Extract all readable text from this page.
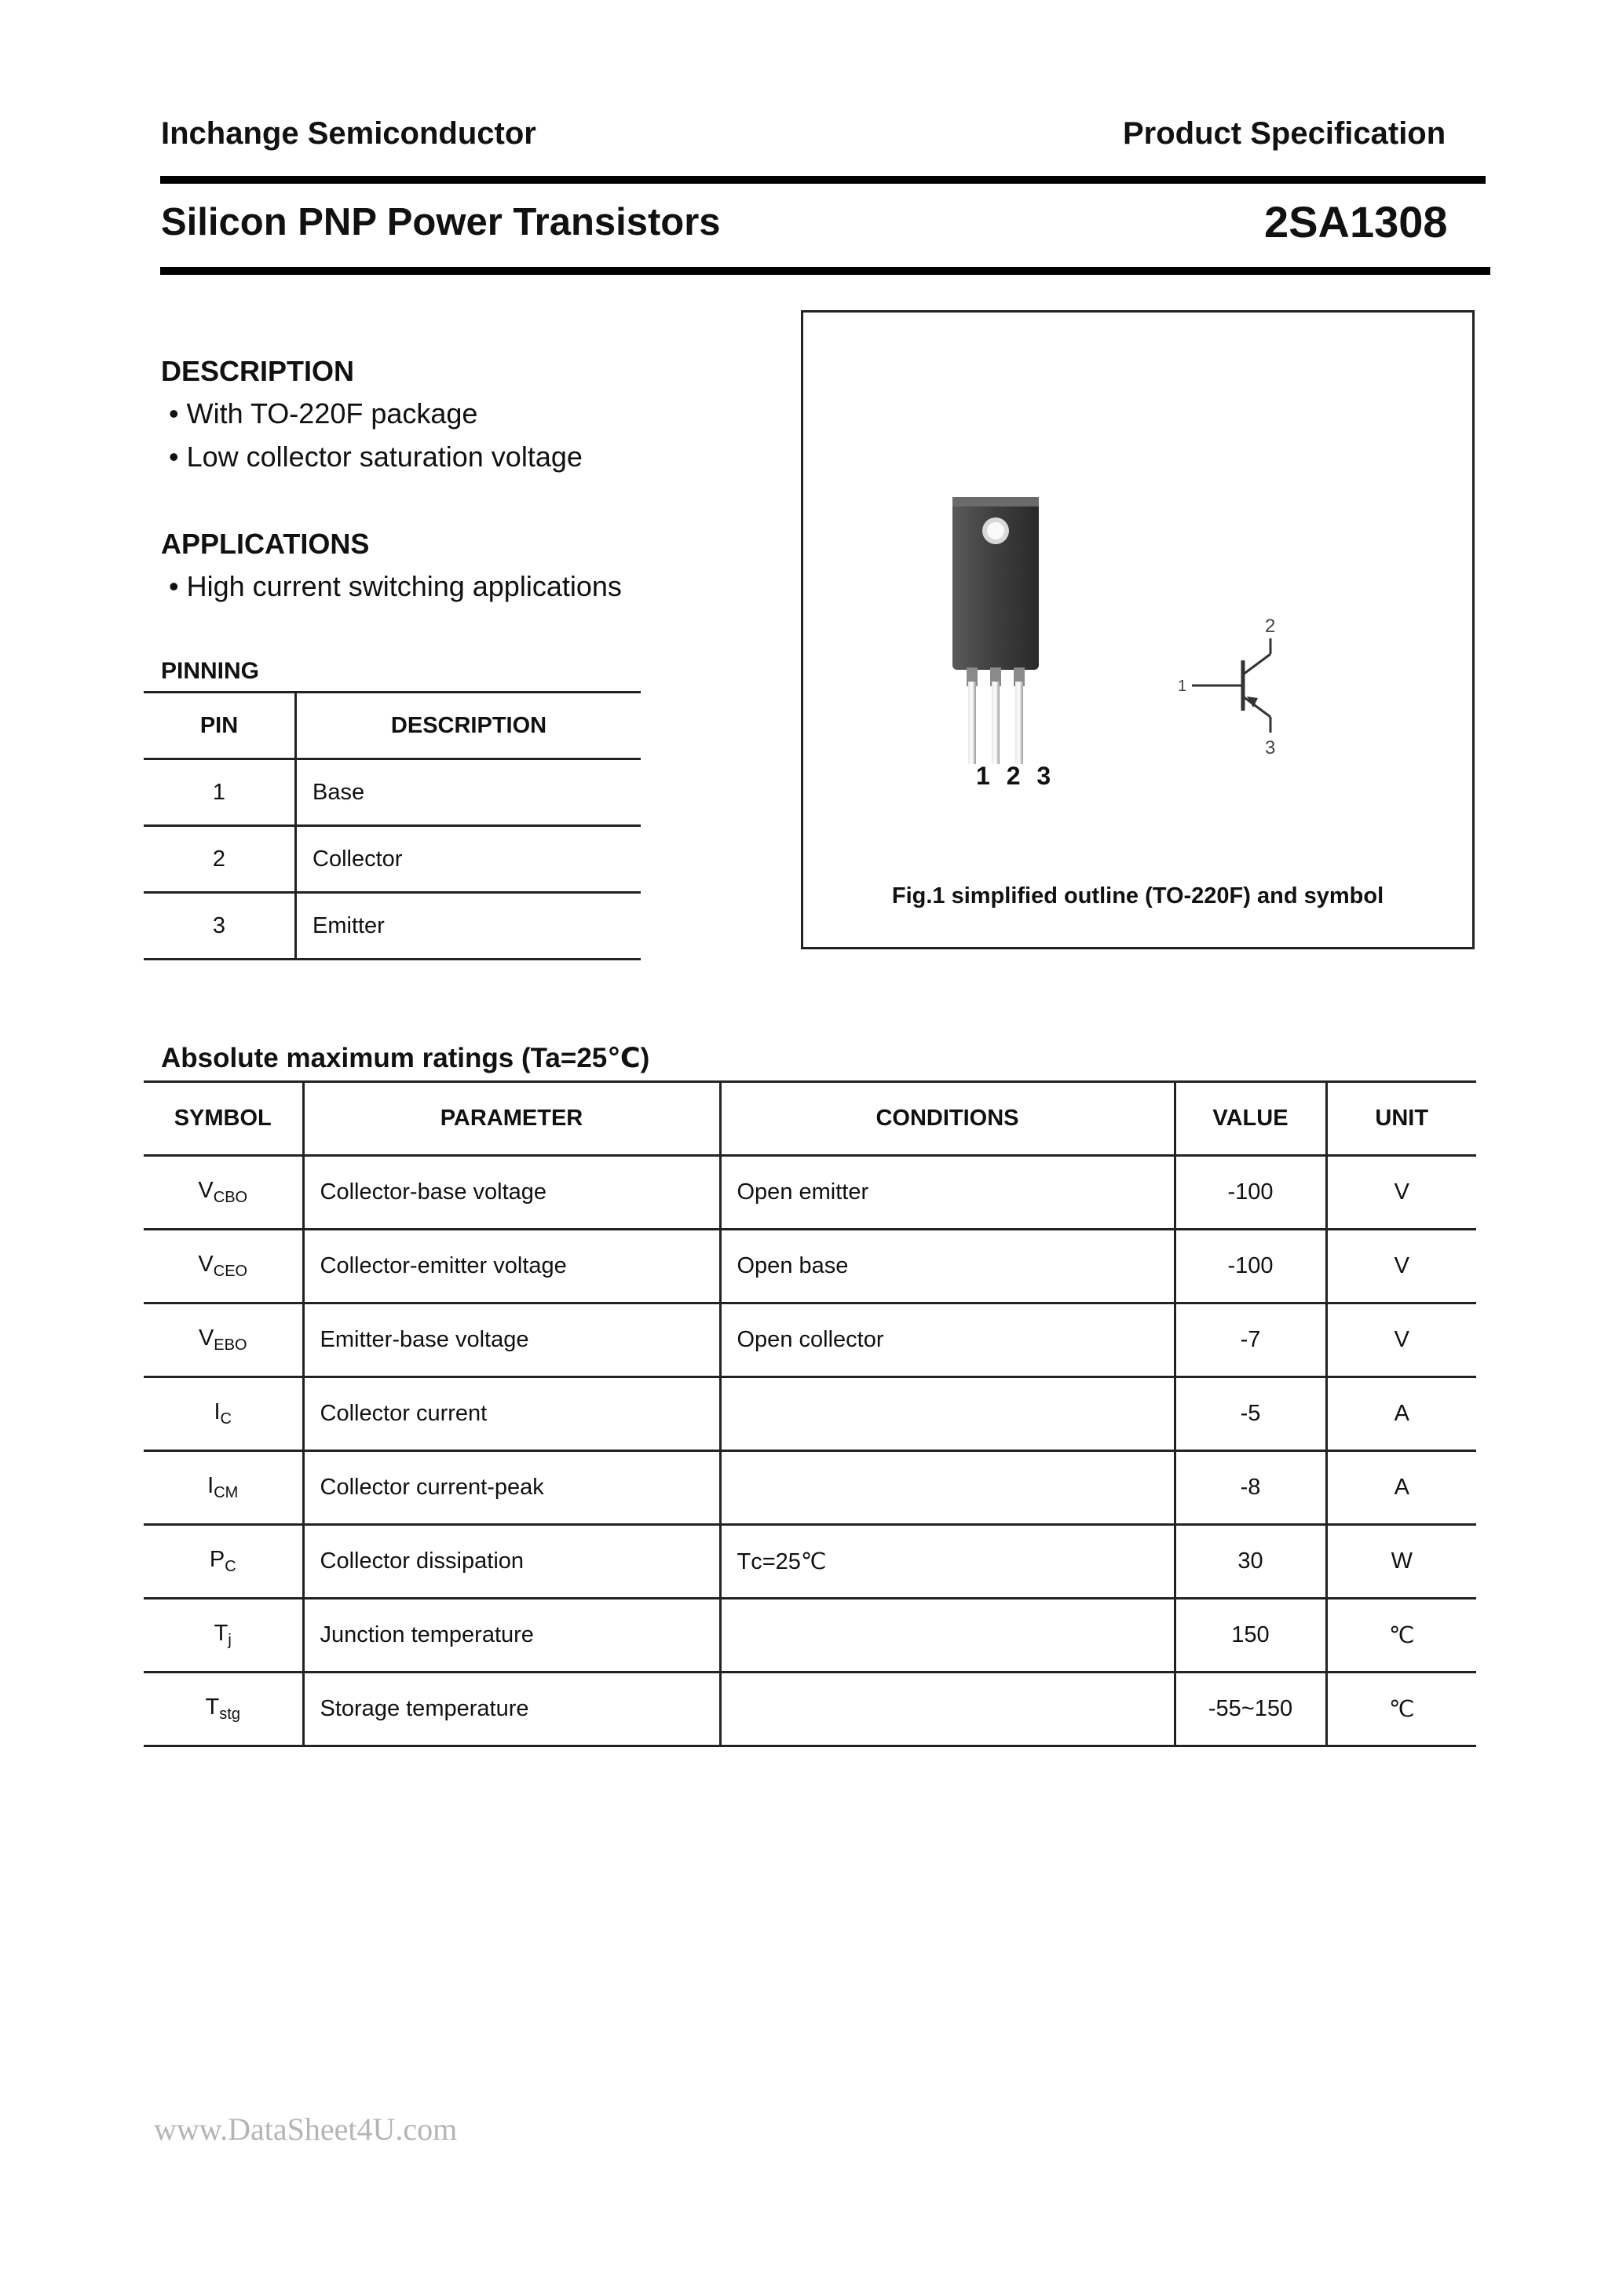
Inchange Semiconductor	Product Specification
Silicon PNP Power Transistors	2SA1308
DESCRIPTION
• With TO-220F package
• Low collector saturation voltage
APPLICATIONS
• High current switching applications
PINNING
PIN	DESCRIPTION
1	Base
2	Collector
3	Emitter
1 2 3
1
2
3
Fig.1 simplified outline (TO-220F) and symbol
Absolute maximum ratings (Ta=25℃)
SYMBOL	PARAMETER	CONDITIONS	VALUE	UNIT
$V_{CBO}$	Collector-base voltage	Open emitter	-100	V
$V_{CEO}$	Collector-emitter voltage	Open base	-100	V
$V_{EBO}$	Emitter-base voltage	Open collector	-7	V
$I_C$	Collector current		-5	A
$I_{CM}$	Collector current-peak		-8	A
$P_C$	Collector dissipation	Tᴄ=25℃	30	W
$T_j$	Junction temperature		150	℃
$T_{stg}$	Storage temperature		-55~150	℃
www.DataSheet4U.com
